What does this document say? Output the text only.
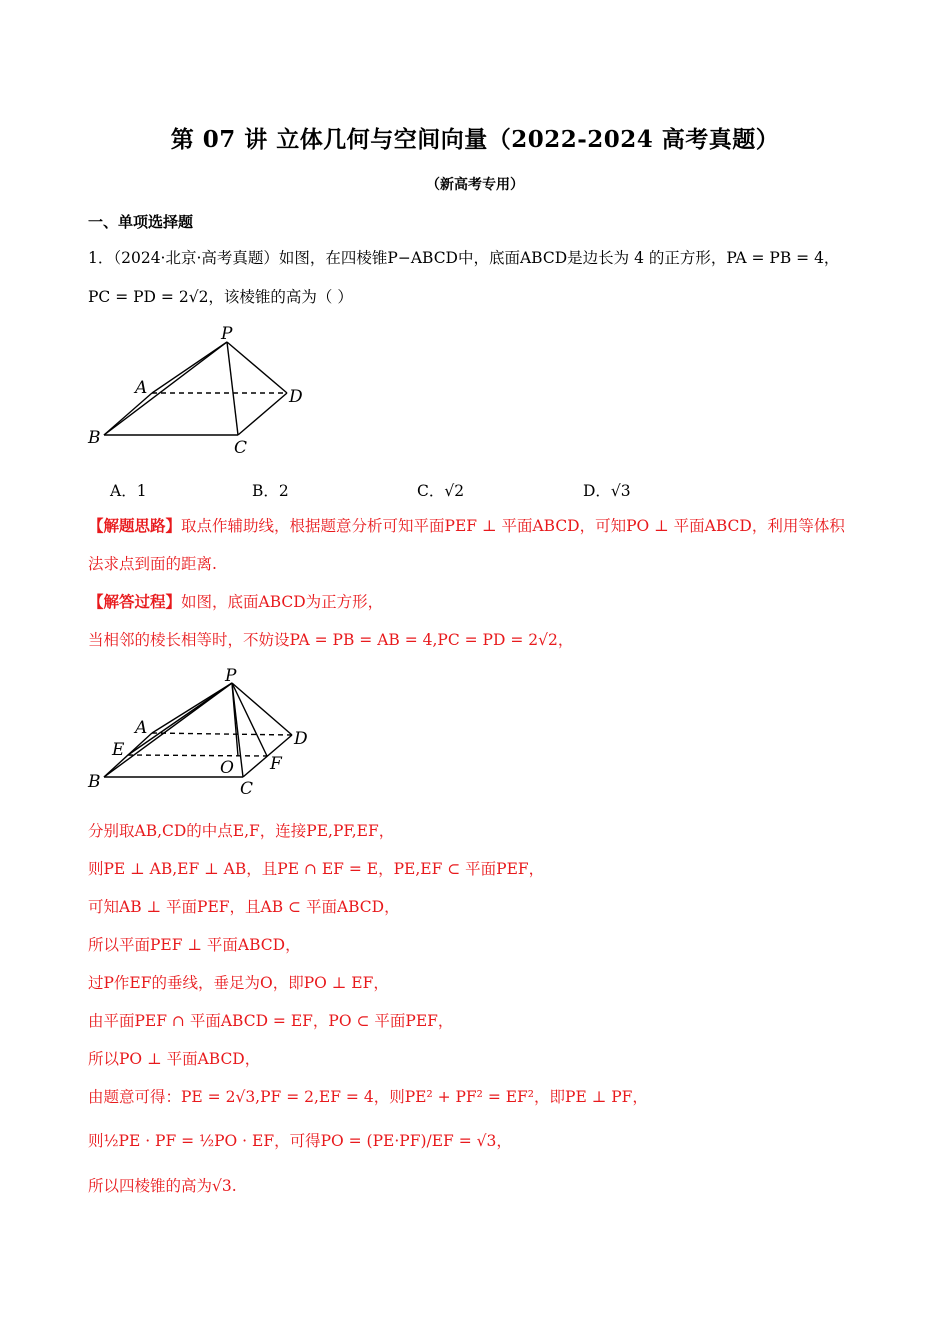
第 07 讲 立体几何与空间向量（2022-2024 高考真题）
（新高考专用）
一、单项选择题
1．（2024·北京·高考真题）如图，在四棱锥P−ABCD中，底面ABCD是边长为 4 的正方形，PA = PB = 4，
PC = PD = 2√2，该棱锥的高为（ ）
P
A
B	C
D
A．1	B．2	C．√2	D．√3
【解题思路】取点作辅助线，根据题意分析可知平面PEF ⊥ 平面ABCD，可知PO ⊥ 平面ABCD，利用等体积
法求点到面的距离.
【解答过程】如图，底面ABCD为正方形，
当相邻的棱长相等时，不妨设PA = PB = AB = 4,PC = PD = 2√2，
P
A
E
B
O F
C
D
分别取AB,CD的中点E,F，连接PE,PF,EF，
则PE ⊥ AB,EF ⊥ AB，且PE ∩ EF = E，PE,EF ⊂ 平面PEF，
可知AB ⊥ 平面PEF，且AB ⊂ 平面ABCD，
所以平面PEF ⊥ 平面ABCD，
过P作EF的垂线，垂足为O，即PO ⊥ EF，
由平面PEF ∩ 平面ABCD = EF，PO ⊂ 平面PEF，
所以PO ⊥ 平面ABCD，
由题意可得：PE = 2√3,PF = 2,EF = 4，则PE² + PF² = EF²，即PE ⊥ PF，
则½PE · PF = ½PO · EF，可得PO = (PE·PF)/EF = √3，
所以四棱锥的高为√3.
